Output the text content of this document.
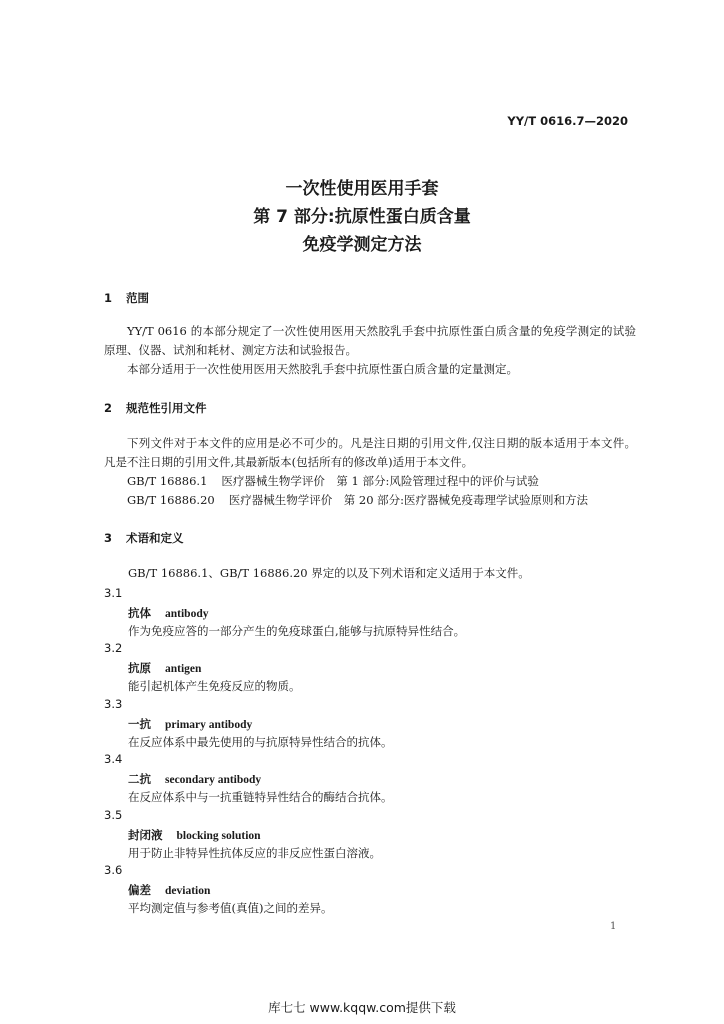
YY/T 0616.7—2020
一次性使用医用手套
第 7 部分:抗原性蛋白质含量
免疫学测定方法
1 范围
YY/T 0616 的本部分规定了一次性使用医用天然胶乳手套中抗原性蛋白质含量的免疫学测定的试验原理、仪器、试剂和耗材、测定方法和试验报告。
本部分适用于一次性使用医用天然胶乳手套中抗原性蛋白质含量的定量测定。
2 规范性引用文件
下列文件对于本文件的应用是必不可少的。凡是注日期的引用文件,仅注日期的版本适用于本文件。凡是不注日期的引用文件,其最新版本(包括所有的修改单)适用于本文件。
GB/T 16886.1 医疗器械生物学评价　第 1 部分:风险管理过程中的评价与试验
GB/T 16886.20 医疗器械生物学评价　第 20 部分:医疗器械免疫毒理学试验原则和方法
3 术语和定义
GB/T 16886.1、GB/T 16886.20 界定的以及下列术语和定义适用于本文件。
3.1
抗体 antibody
作为免疫应答的一部分产生的免疫球蛋白,能够与抗原特异性结合。
3.2
抗原 antigen
能引起机体产生免疫反应的物质。
3.3
一抗 primary antibody
在反应体系中最先使用的与抗原特异性结合的抗体。
3.4
二抗 secondary antibody
在反应体系中与一抗重链特异性结合的酶结合抗体。
3.5
封闭液 blocking solution
用于防止非特异性抗体反应的非反应性蛋白溶液。
3.6
偏差 deviation
平均测定值与参考值(真值)之间的差异。
1
库七七 www.kqqw.com提供下载
